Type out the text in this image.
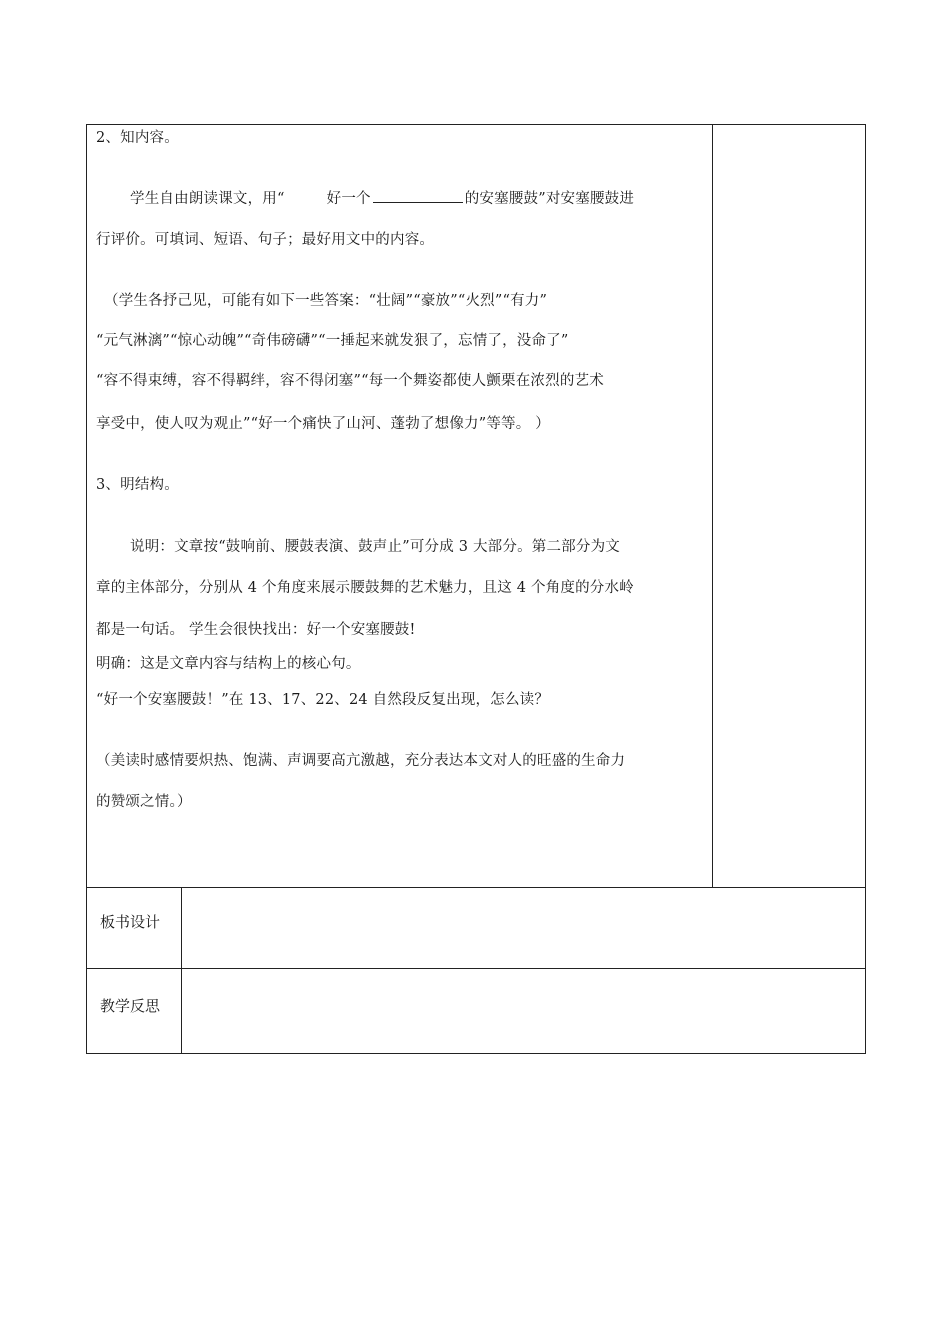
2、知内容。
学生自由朗读课文，用“	好一个	的安塞腰鼓”对安塞腰鼓进
行评价。可填词、短语、句子；最好用文中的内容。
（学生各抒己见，可能有如下一些答案：“壮阔”“豪放”“火烈”“有力”
“元气淋漓”“惊心动魄”“奇伟磅礴”“一捶起来就发狠了，忘情了，没命了”
“容不得束缚，容不得羁绊，容不得闭塞”“每一个舞姿都使人颤栗在浓烈的艺术
享受中，使人叹为观止”“好一个痛快了山河、蓬勃了想像力”等等。 ）
3、明结构。
说明：文章按“鼓响前、腰鼓表演、鼓声止”可分成 3 大部分。第二部分为文
章的主体部分，分别从 4 个角度来展示腰鼓舞的艺术魅力，且这 4 个角度的分水岭
都是一句话。 学生会很快找出：好一个安塞腰鼓!
明确：这是文章内容与结构上的核心句。
“好一个安塞腰鼓！”在 13、17、22、24 自然段反复出现，怎么读？
（美读时感情要炽热、饱满、声调要高亢激越，充分表达本文对人的旺盛的生命力
的赞颂之情。）
板书设计
教学反思
